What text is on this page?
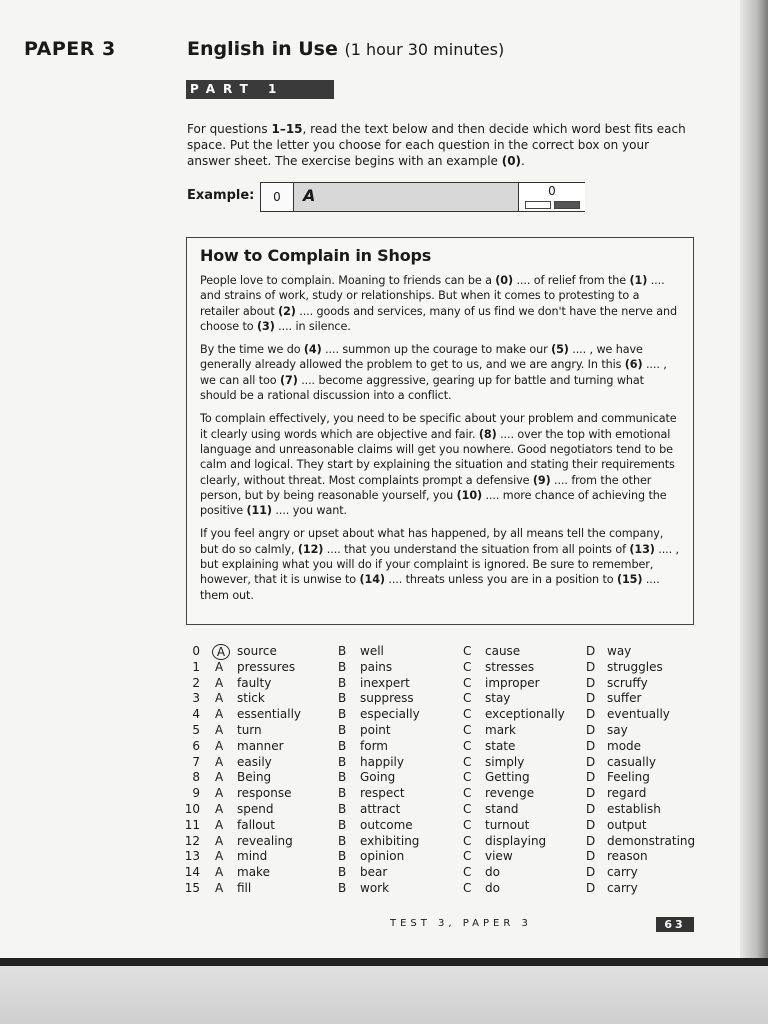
PAPER 3	English in Use (1 hour 30 minutes)
PART 1
For questions 1–15, read the text below and then decide which word best fits each space. Put the letter you choose for each question in the correct box on your answer sheet. The exercise begins with an example (0).
Example:	0	A	0
How to Complain in Shops

People love to complain. Moaning to friends can be a (0) .... of relief from the (1) .... and strains of work, study or relationships. But when it comes to protesting to a retailer about (2) .... goods and services, many of us find we don't have the nerve and choose to (3) .... in silence.

By the time we do (4) .... summon up the courage to make our (5) .... , we have generally already allowed the problem to get to us, and we are angry. In this (6) .... , we can all too (7) .... become aggressive, gearing up for battle and turning what should be a rational discussion into a conflict.

To complain effectively, you need to be specific about your problem and communicate it clearly using words which are objective and fair. (8) .... over the top with emotional language and unreasonable claims will get you nowhere. Good negotiators tend to be calm and logical. They start by explaining the situation and stating their requirements clearly, without threat. Most complaints prompt a defensive (9) .... from the other person, but by being reasonable yourself, you (10) .... more chance of achieving the positive (11) .... you want.

If you feel angry or upset about what has happened, by all means tell the company, but do so calmly, (12) .... that you understand the situation from all points of (13) .... , but explaining what you will do if your complaint is ignored. Be sure to remember, however, that it is unwise to (14) .... threats unless you are in a position to (15) .... them out.

0 A source	B well	C cause	D way
1 A pressures	B pains	C stresses	D struggles
2 A faulty	B inexpert	C improper	D scruffy
3 A stick	B suppress	C stay	D suffer
4 A essentially	B especially	C exceptionally D eventually
5 A turn	B point	C mark	D say
6 A manner	B form	C state	D mode
7 A easily	B happily	C simply	D casually
8 A Being	B Going	C Getting	D Feeling
9 A response	B respect	C revenge	D regard
10 A spend	B attract	C stand	D establish
11 A fallout	B outcome	C turnout	D output
12 A revealing	B exhibiting	C displaying	D demonstrating
13 A mind	B opinion	C view	D reason
14 A make	B bear	C do	D carry
15 A fill	B work	C do	D carry
TEST 3, PAPER 3	63
